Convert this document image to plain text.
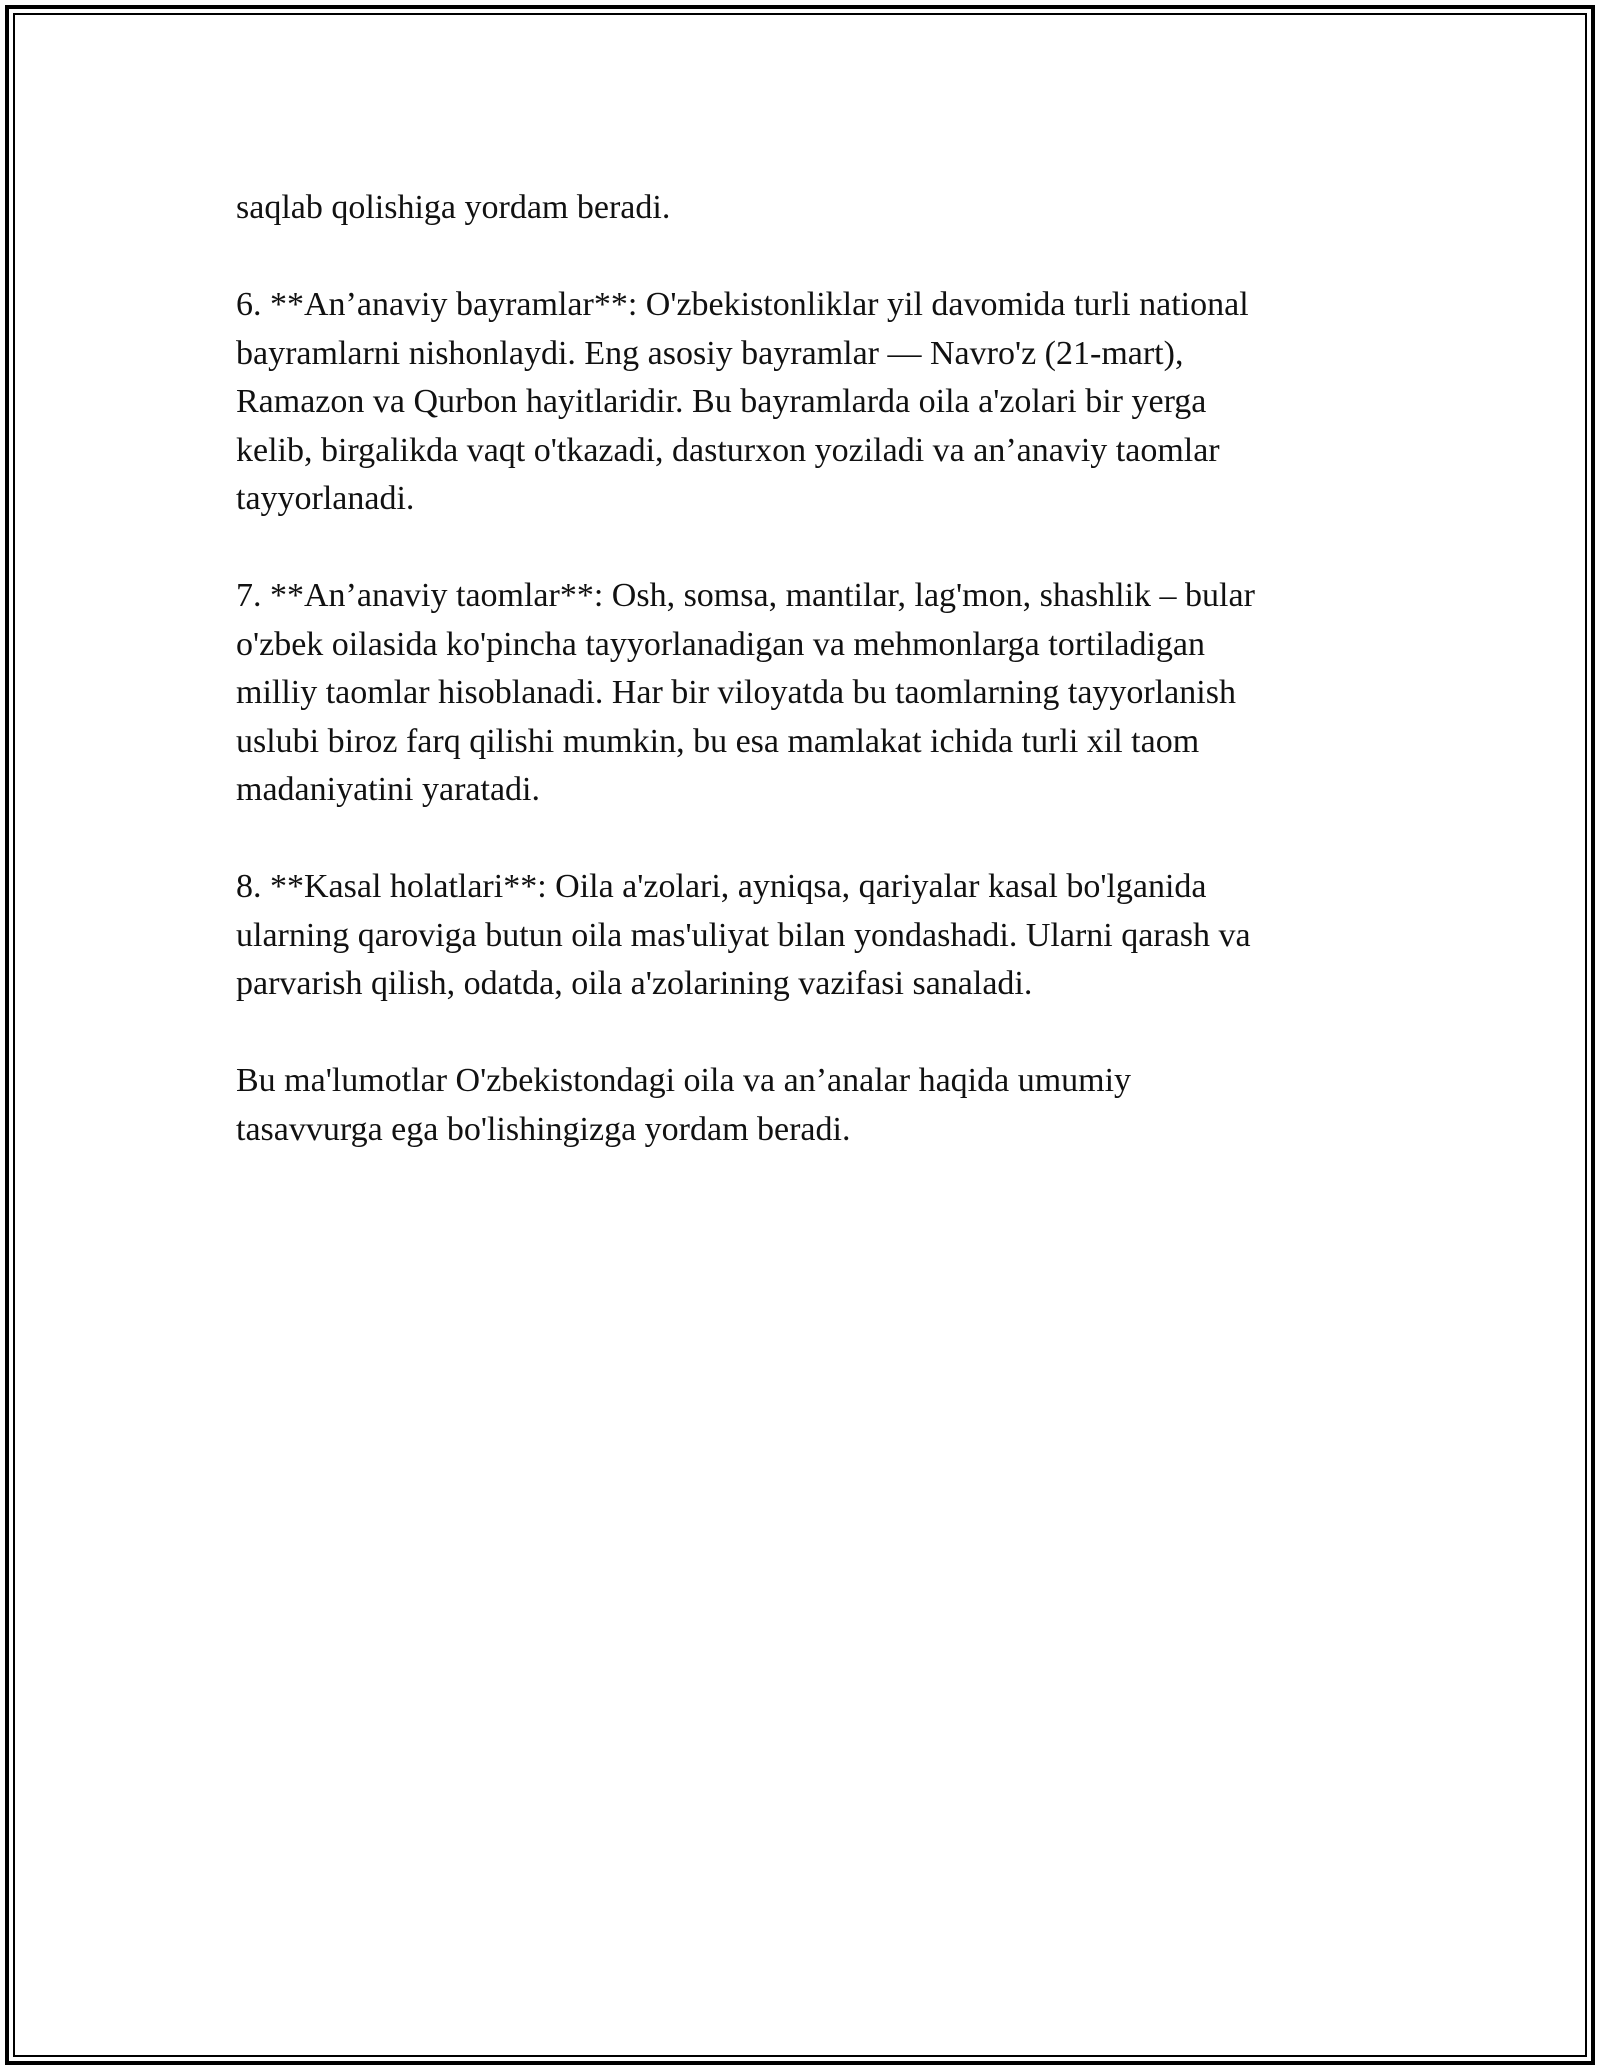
saqlab qolishiga yordam beradi.

6. **An’anaviy bayramlar**: O'zbekistonliklar yil davomida turli national
bayramlarni nishonlaydi. Eng asosiy bayramlar — Navro'z (21-mart),
Ramazon va Qurbon hayitlaridir. Bu bayramlarda oila a'zolari bir yerga
kelib, birgalikda vaqt o'tkazadi, dasturxon yoziladi va an’anaviy taomlar
tayyorlanadi.

7. **An’anaviy taomlar**: Osh, somsa, mantilar, lag'mon, shashlik – bular
o'zbek oilasida ko'pincha tayyorlanadigan va mehmonlarga tortiladigan
milliy taomlar hisoblanadi. Har bir viloyatda bu taomlarning tayyorlanish
uslubi biroz farq qilishi mumkin, bu esa mamlakat ichida turli xil taom
madaniyatini yaratadi.

8. **Kasal holatlari**: Oila a'zolari, ayniqsa, qariyalar kasal bo'lganida
ularning qaroviga butun oila mas'uliyat bilan yondashadi. Ularni qarash va
parvarish qilish, odatda, oila a'zolarining vazifasi sanaladi.

Bu ma'lumotlar O'zbekistondagi oila va an’analar haqida umumiy
tasavvurga ega bo'lishingizga yordam beradi.
